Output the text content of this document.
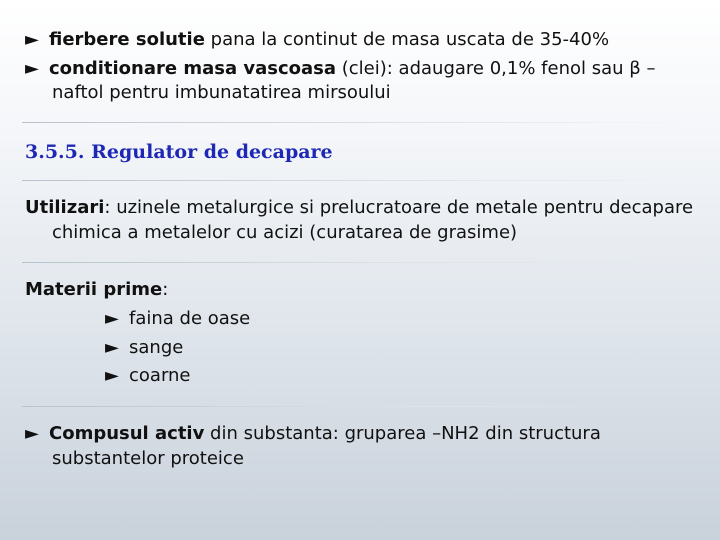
► fierbere solutie pana la continut de masa uscata de 35-40%
► conditionare masa vascoasa (clei): adaugare 0,1% fenol sau β –
naftol pentru imbunatatirea mirsoului
3.5.5. Regulator de decapare
Utilizari: uzinele metalurgice si prelucratoare de metale pentru decapare
chimica a metalelor cu acizi (curatarea de grasime)
Materii prime:
► faina de oase
► sange
► coarne
► Compusul activ din substanta: gruparea –NH2 din structura
substantelor proteice
